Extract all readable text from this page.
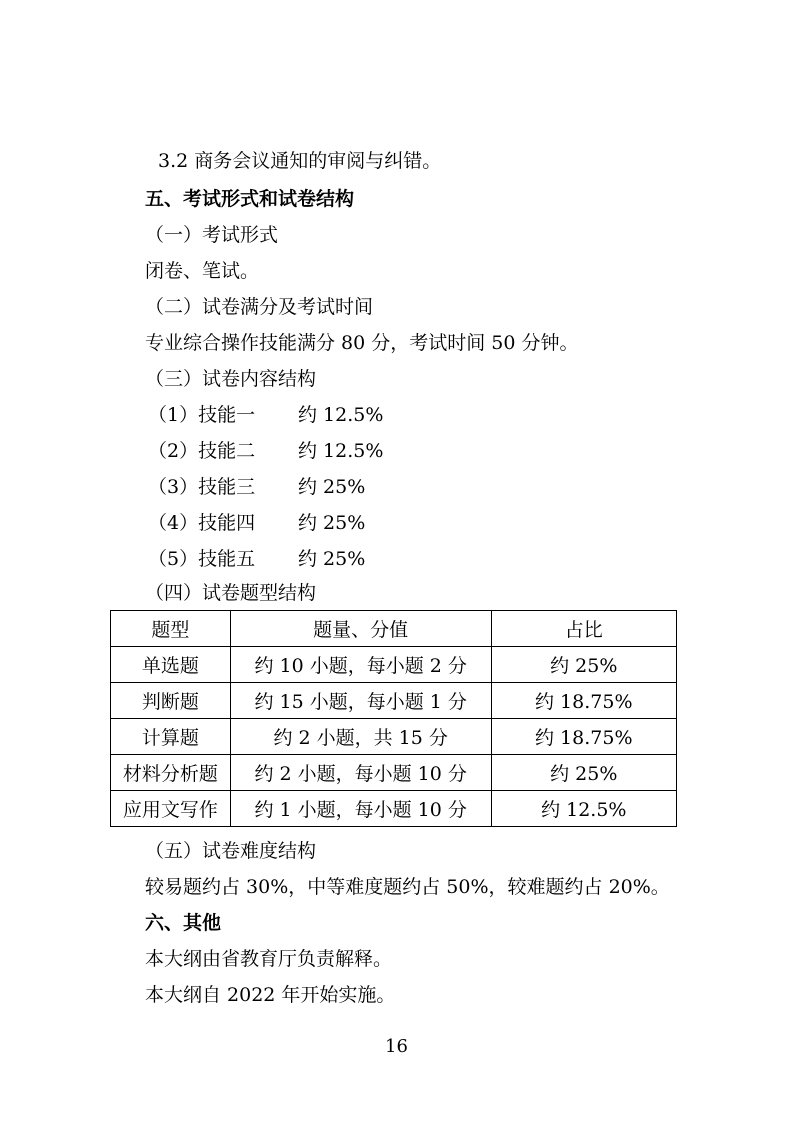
3.2 商务会议通知的审阅与纠错。
五、考试形式和试卷结构
（一）考试形式
闭卷、笔试。
（二）试卷满分及考试时间
专业综合操作技能满分 80 分，考试时间 50 分钟。
（三）试卷内容结构
（1）技能一 约 12.5%
（2）技能二 约 12.5%
（3）技能三 约 25%
（4）技能四 约 25%
（5）技能五 约 25%
（四）试卷题型结构
题型	题量、分值	占比
单选题	约 10 小题，每小题 2 分	约 25%
判断题	约 15 小题，每小题 1 分	约 18.75%
计算题	约 2 小题，共 15 分	约 18.75%
材料分析题	约 2 小题，每小题 10 分	约 25%
应用文写作	约 1 小题，每小题 10 分	约 12.5%
（五）试卷难度结构
较易题约占 30%，中等难度题约占 50%，较难题约占 20%。
六、其他
本大纲由省教育厅负责解释。
本大纲自 2022 年开始实施。
16
